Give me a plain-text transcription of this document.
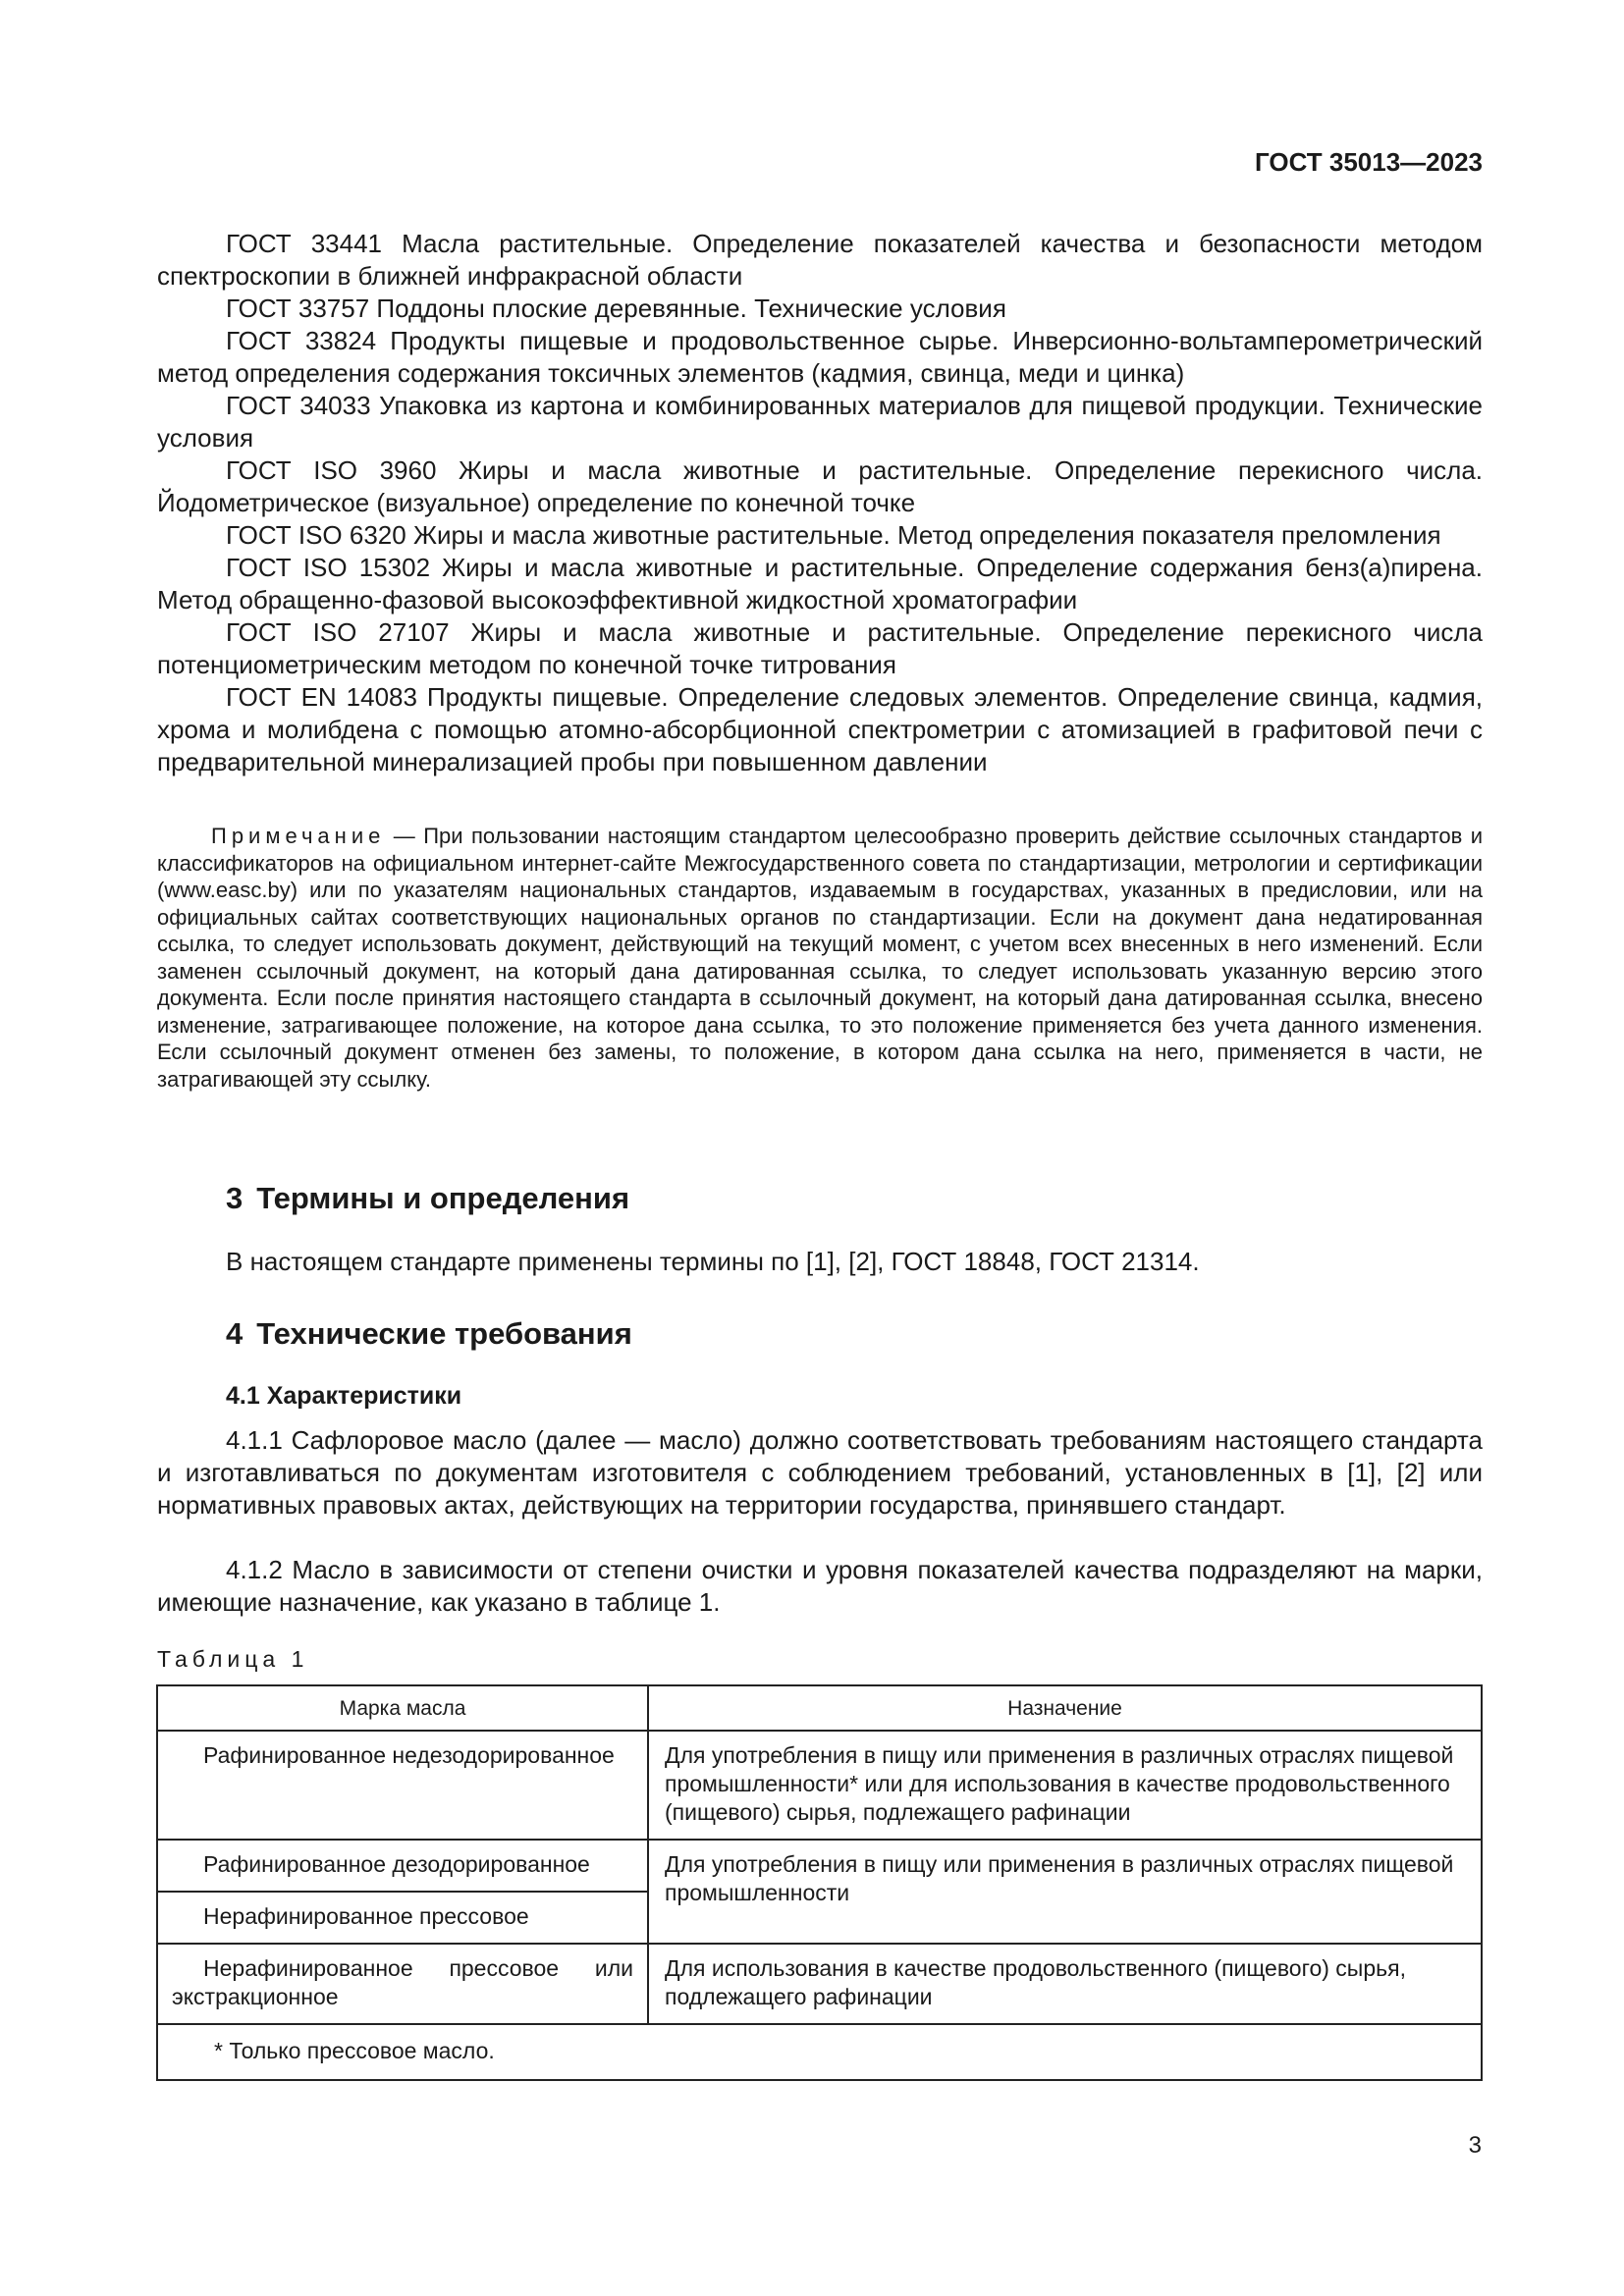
ГОСТ 35013—2023

ГОСТ 33441 Масла растительные. Определение показателей качества и безопасности методом спектроскопии в ближней инфракрасной области

ГОСТ 33757 Поддоны плоские деревянные. Технические условия

ГОСТ 33824 Продукты пищевые и продовольственное сырье. Инверсионно-вольтамперометрический метод определения содержания токсичных элементов (кадмия, свинца, меди и цинка)

ГОСТ 34033 Упаковка из картона и комбинированных материалов для пищевой продукции. Технические условия

ГОСТ ISO 3960 Жиры и масла животные и растительные. Определение перекисного числа. Йодометрическое (визуальное) определение по конечной точке

ГОСТ ISO 6320 Жиры и масла животные растительные. Метод определения показателя преломления

ГОСТ ISO 15302 Жиры и масла животные и растительные. Определение содержания бенз(а)пирена. Метод обращенно-фазовой высокоэффективной жидкостной хроматографии

ГОСТ ISO 27107 Жиры и масла животные и растительные. Определение перекисного числа потенциометрическим методом по конечной точке титрования

ГОСТ EN 14083 Продукты пищевые. Определение следовых элементов. Определение свинца, кадмия, хрома и молибдена с помощью атомно-абсорбционной спектрометрии с атомизацией в графитовой печи с предварительной минерализацией пробы при повышенном давлении

Примечание — При пользовании настоящим стандартом целесообразно проверить действие ссылочных стандартов и классификаторов на официальном интернет-сайте Межгосударственного совета по стандартизации, метрологии и сертификации (www.easc.by) или по указателям национальных стандартов, издаваемым в государствах, указанных в предисловии, или на официальных сайтах соответствующих национальных органов по стандартизации. Если на документ дана недатированная ссылка, то следует использовать документ, действующий на текущий момент, с учетом всех внесенных в него изменений. Если заменен ссылочный документ, на который дана датированная ссылка, то следует использовать указанную версию этого документа. Если после принятия настоящего стандарта в ссылочный документ, на который дана датированная ссылка, внесено изменение, затрагивающее положение, на которое дана ссылка, то это положение применяется без учета данного изменения. Если ссылочный документ отменен без замены, то положение, в котором дана ссылка на него, применяется в части, не затрагивающей эту ссылку.
3 Термины и определения
В настоящем стандарте применены термины по [1], [2], ГОСТ 18848, ГОСТ 21314.
4 Технические требования
4.1 Характеристики
4.1.1 Сафлоровое масло (далее — масло) должно соответствовать требованиям настоящего стандарта и изготавливаться по документам изготовителя с соблюдением требований, установленных в [1], [2] или нормативных правовых актах, действующих на территории государства, принявшего стандарт.
4.1.2 Масло в зависимости от степени очистки и уровня показателей качества подразделяют на марки, имеющие назначение, как указано в таблице 1.
Таблица 1
Марка масла	Назначение

Рафинированное недезодорированное	Для употребления в пищу или применения в различных отраслях пищевой промышленности* или для использования в качестве продовольственного (пищевого) сырья, подлежащего рафинации

Рафинированное дезодорированное	Для употребления в пищу или применения в различных отраслях пищевой промышленности

Нерафинированное прессовое	

Нерафинированное прессовое или экстракционное	Для использования в качестве продовольственного (пищевого) сырья, подлежащего рафинации

* Только прессовое масло.	
3
